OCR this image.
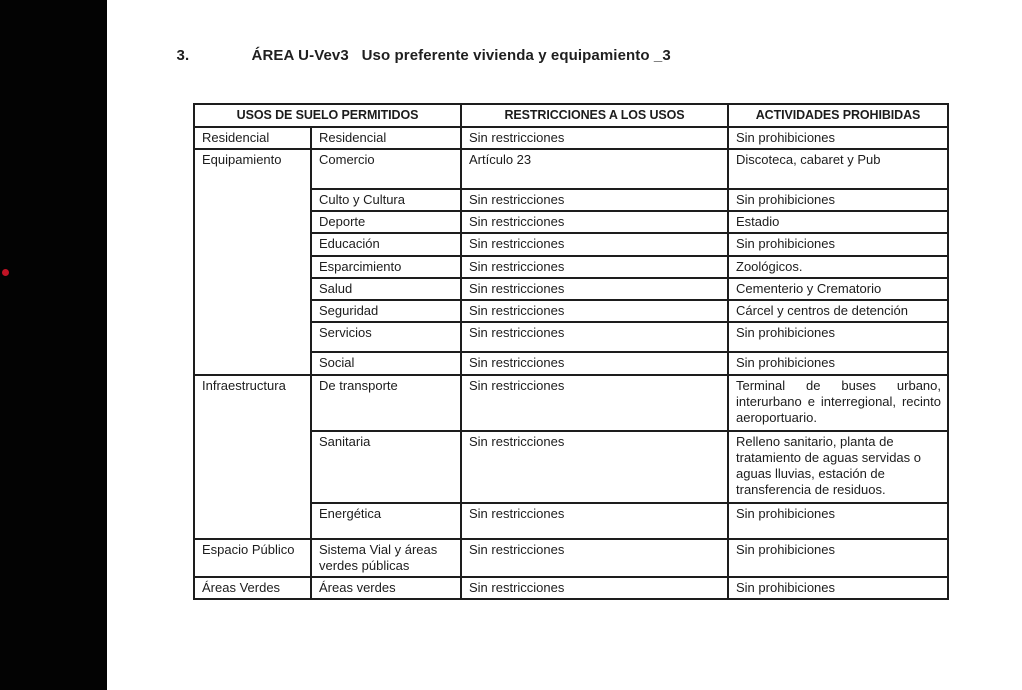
3.	ÁREA U-Vev3   Uso preferente vivienda y equipamiento _3

USOS DE SUELO PERMITIDOS		RESTRICCIONES A LOS USOS	ACTIVIDADES PROHIBIDAS
Residencial	Residencial	Sin restricciones	Sin prohibiciones
Equipamiento	Comercio	Artículo 23	Discoteca, cabaret y Pub
	Culto y Cultura	Sin restricciones	Sin prohibiciones
	Deporte	Sin restricciones	Estadio
	Educación	Sin restricciones	Sin prohibiciones
	Esparcimiento	Sin restricciones	Zoológicos.
	Salud	Sin restricciones	Cementerio y Crematorio
	Seguridad	Sin restricciones	Cárcel y centros de detención
	Servicios	Sin restricciones	Sin prohibiciones
	Social	Sin restricciones	Sin prohibiciones
Infraestructura	De transporte	Sin restricciones	Terminal de buses urbano, interurbano e interregional, recinto aeroportuario.
	Sanitaria	Sin restricciones	Relleno sanitario, planta de tratamiento de aguas servidas o aguas lluvias, estación de transferencia de residuos.
	Energética	Sin restricciones	Sin prohibiciones
Espacio Público	Sistema Vial y áreas verdes públicas	Sin restricciones	Sin prohibiciones
Áreas Verdes	Áreas verdes	Sin restricciones	Sin prohibiciones
